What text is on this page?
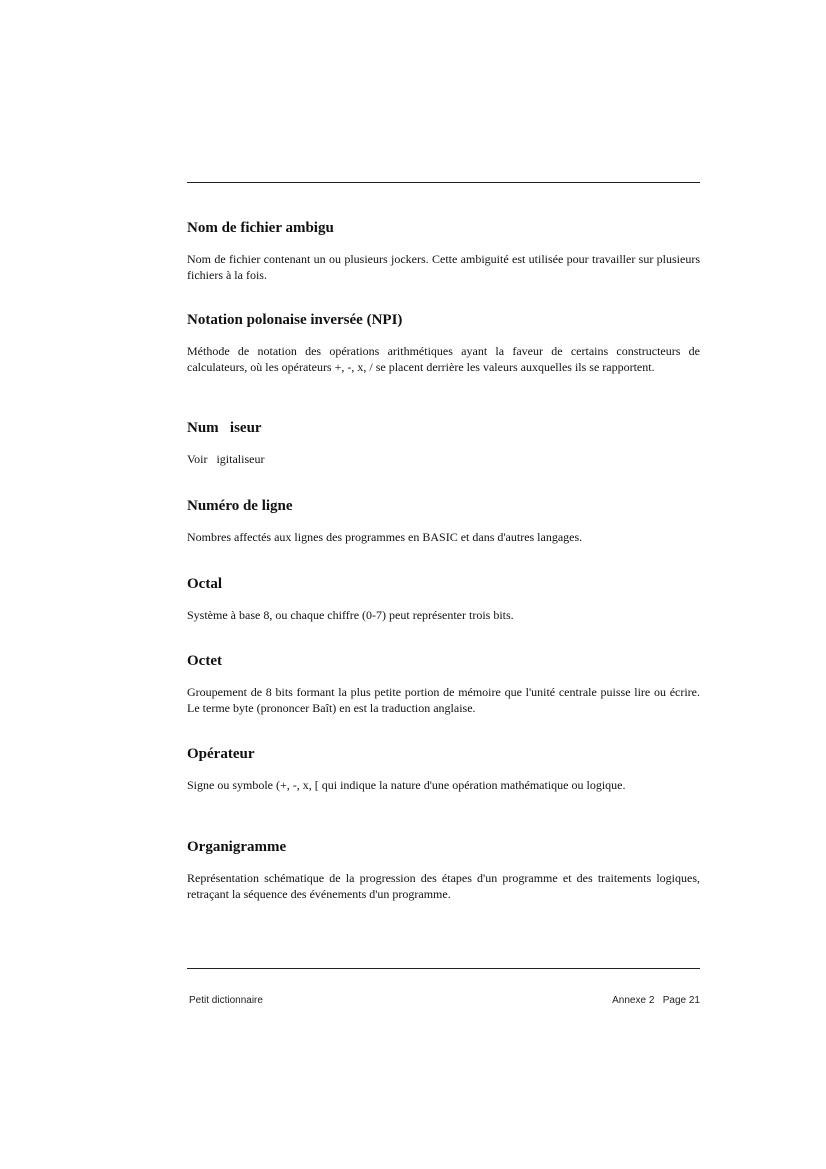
Nom de fichier ambigu

Nom de fichier contenant un ou plusieurs jockers. Cette ambiguité est utilisée pour travailler sur plusieurs fichiers à la fois.

Notation polonaise inversée (NPI)

Méthode de notation des opérations arithmétiques ayant la faveur de certains constructeurs de calculateurs, où les opérateurs +, -, x, / se placent derrière les valeurs auxquelles ils se rapportent.

Num   iseur

Voir   igitaliseur

Numéro de ligne

Nombres affectés aux lignes des programmes en BASIC et dans d'autres langages.

Octal

Système à base 8, ou chaque chiffre (0-7) peut représenter trois bits.

Octet

Groupement de 8 bits formant la plus petite portion de mémoire que l'unité centrale puisse lire ou écrire. Le terme byte (prononcer Baît) en est la traduction anglaise.

Opérateur

Signe ou symbole (+, -, x, [ qui indique la nature d'une opération mathématique ou logique.

Organigramme

Représentation schématique de la progression des étapes d'un programme et des traitements logiques, retraçant la séquence des événements d'un programme.

Petit dictionnaire	Annexe 2   Page 21
